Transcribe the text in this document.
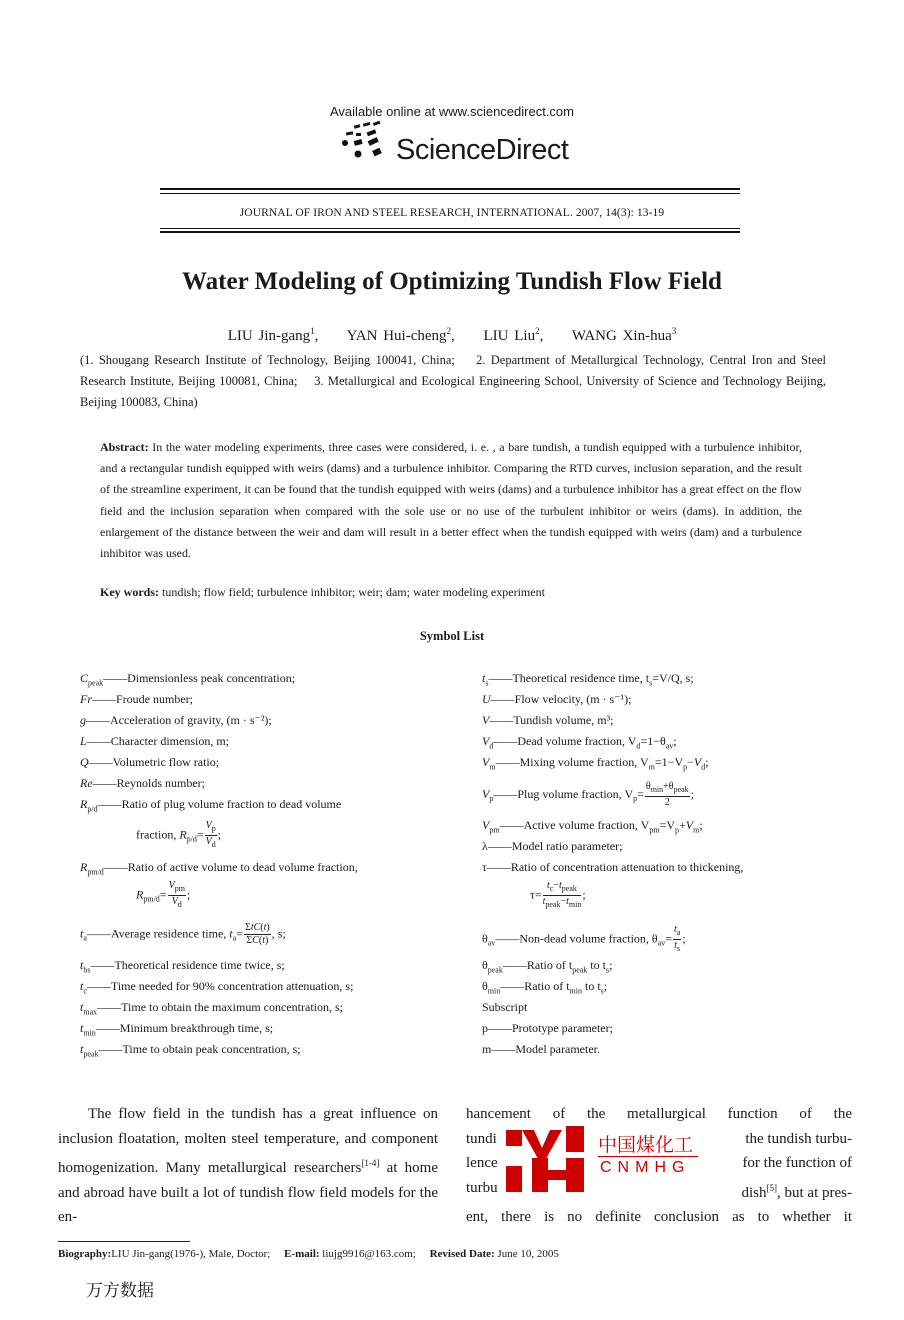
Available online at www.sciencedirect.com
ScienceDirect
JOURNAL OF IRON AND STEEL RESEARCH, INTERNATIONAL. 2007, 14(3): 13-19
Water Modeling of Optimizing Tundish Flow Field
LIU Jin-gang$^1$,     YAN Hui-cheng$^2$,     LIU Liu$^2$,     WANG Xin-hua$^3$
(1. Shougang Research Institute of Technology, Beijing 100041, China; 2. Department of Metallurgical Technology, Central Iron and Steel Research Institute, Beijing 100081, China; 3. Metallurgical and Ecological Engineering School, University of Science and Technology Beijing, Beijing 100083, China)
Abstract: In the water modeling experiments, three cases were considered, i. e. , a bare tundish, a tundish equipped with a turbulence inhibitor, and a rectangular tundish equipped with weirs (dams) and a turbulence inhibitor. Comparing the RTD curves, inclusion separation, and the result of the streamline experiment, it can be found that the tundish equipped with weirs (dams) and a turbulence inhibitor has a great effect on the flow field and the inclusion separation when compared with the sole use or no use of the turbulent inhibitor or weirs (dams). In addition, the enlargement of the distance between the weir and dam will result in a better effect when the tundish equipped with weirs (dam) and a turbulence inhibitor was used.
Key words: tundish; flow field; turbulence inhibitor; weir; dam; water modeling experiment
Symbol List
$C_{peak}——Dimensionless$ peak concentration;
Fr——Froude number;
g——Acceleration of gravity, (m · s⁻²);
L——Character dimension, m;
Q——Volumetric flow ratio;
Re——Reynolds number;
$R_{p/d}——Ratio$ of plug volume fraction to dead volume
fraction, $R_{p/d}= \frac{V_p}{V_d}$ ;
$R_{pm/d}——Ratio$ of active volume to dead volume fraction,
$R_{pm/d}= \frac{V_{pm}}{V_d}$ ;
$t_a——Average$ residence time, $t_a= \frac{\text{ΣtC(t)}}{\Sigma C(t)}$ , s;
$t_{bs}——Theoretical$ residence time twice, s;
$t_c——Time$ needed for 90% concentration attenuation, s;
$t_{max}——Time$ to obtain the maximum concentration, s;
$t_{min}——Minimum$ breakthrough time, s;
$t_{peak}——Time$ to obtain peak concentration, s;
$t_s——Theoretical$ residence time, $t_s=V/Q$, s;
U——Flow velocity, (m · s⁻¹);
V——Tundish volume, m³;
$V_d——Dead$ volume fraction, $V_d=1-\theta_{av}$;
$V_m——Mixing$ volume fraction, $V_m=1-V_p-V_d$;
$V_p——Plug$ volume fraction, $V_p= \frac{\theta_{min}+\theta_{peak}}{2}$ ;
$V_{pm}——Active$ volume fraction, $V_{pm}=V_p+V_m$;
λ——Model ratio parameter;
τ——Ratio of concentration attenuation to thickening,
$\tau= \frac{t_c-t_{peak}}{t_{peak}-t_{min}}$ ;
$\theta_{av}——Non$-dead volume fraction, $\theta_{av}= \frac{t_a}{t_s}$ ;
$\theta_{peak}——Ratio$ of $t_{peak}$ to $t_s$;
$\theta_{min}——Ratio$ of $t_{min}$ to $t_s$;
Subscript
p——Prototype parameter;
m——Model parameter.
The flow field in the tundish has a great influence on inclusion floatation, molten steel temperature, and component homogenization. Many metallurgical researchers[1-4] at home and abroad have built a lot of tundish flow field models for the en-
hancement of the metallurgical function of the
tundi	the tundish turbu-
lence	for the function of
turbu	dish[5], but at pres-
ent, there is no definite conclusion as to whether it
中国煤化工
CNMHG
Biography:LIU Jin-gang(1976-), Male, Doctor; E-mail: liujg9916@163.com; Revised Date: June 10, 2005
万方数据
